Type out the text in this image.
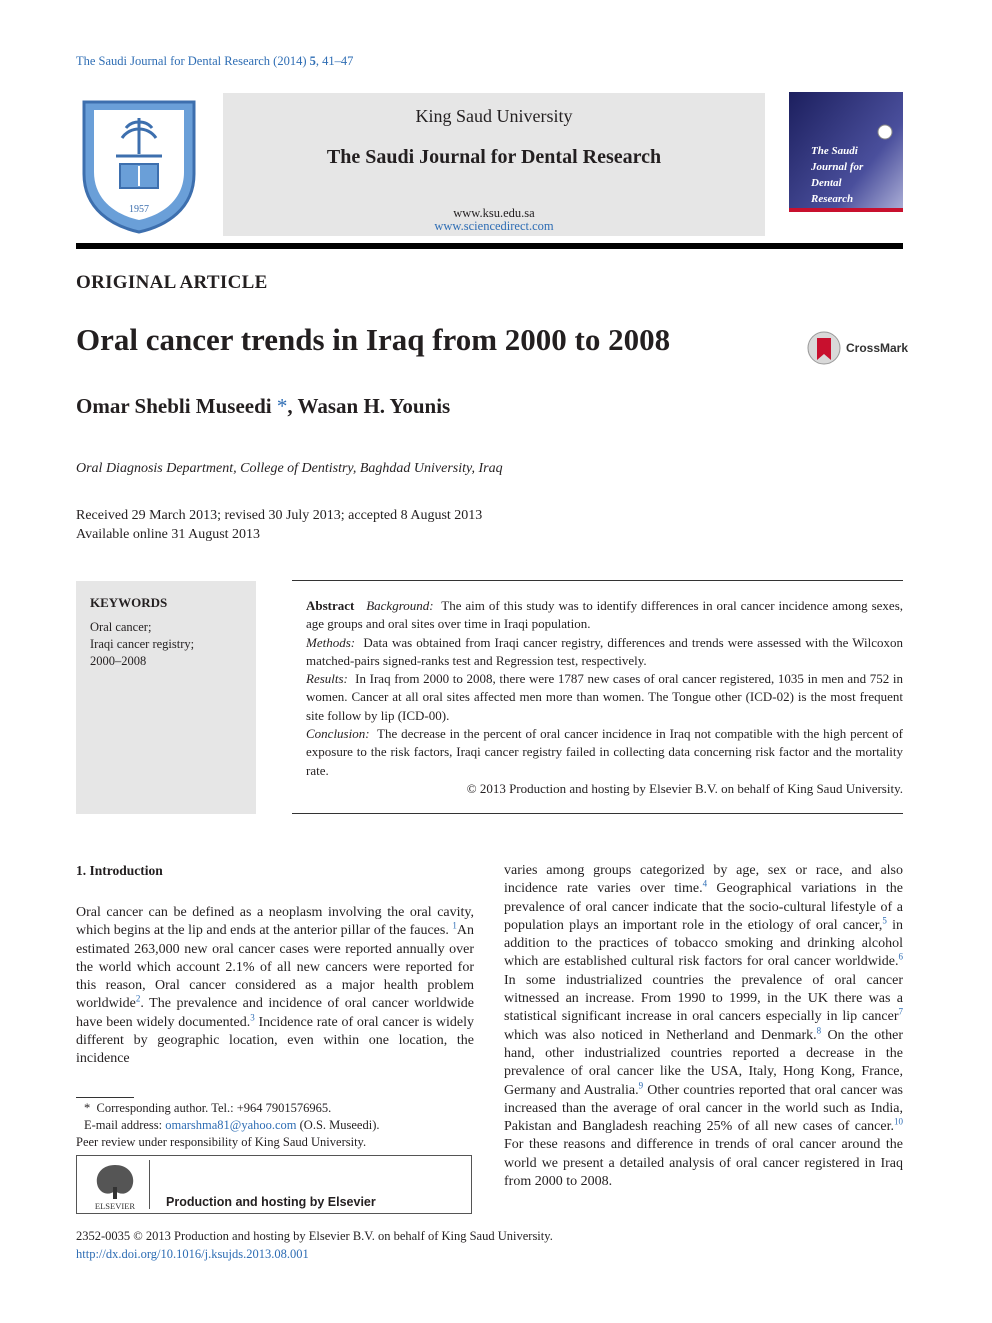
The Saudi Journal for Dental Research (2014) 5, 41–47
1957
King Saud University
The Saudi Journal for Dental Research
www.ksu.edu.sa
www.sciencedirect.com
The Saudi
Journal for
Dental
Research
ORIGINAL ARTICLE
Oral cancer trends in Iraq from 2000 to 2008	CrossMark
Omar Shebli Museedi *, Wasan H. Younis
Oral Diagnosis Department, College of Dentistry, Baghdad University, Iraq
Received 29 March 2013; revised 30 July 2013; accepted 8 August 2013
Available online 31 August 2013
KEYWORDS
Oral cancer;
Iraqi cancer registry;
2000–2008

Abstract Background: The aim of this study was to identify differences in oral cancer incidence among sexes, age groups and oral sites over time in Iraqi population.

Methods: Data was obtained from Iraqi cancer registry, differences and trends were assessed with the Wilcoxon matched-pairs signed-ranks test and Regression test, respectively.

Results: In Iraq from 2000 to 2008, there were 1787 new cases of oral cancer registered, 1035 in men and 752 in women. Cancer at all oral sites affected men more than women. The Tongue other (ICD-02) is the most frequent site follow by lip (ICD-00).

Conclusion: The decrease in the percent of oral cancer incidence in Iraq not compatible with the high percent of exposure to the risk factors, Iraqi cancer registry failed in collecting data concerning risk factor and the mortality rate.

© 2013 Production and hosting by Elsevier B.V. on behalf of King Saud University.

1. Introduction
Oral cancer can be defined as a neoplasm involving the oral cavity, which begins at the lip and ends at the anterior pillar of the fauces. $^1$An estimated 263,000 new oral cancer cases were reported annually over the world which account 2.1% of all new cancers were reported for this reason, Oral cancer considered as a major health problem worldwide$^2$. The prevalence and incidence of oral cancer worldwide have been widely documented.$^3$ Incidence rate of oral cancer is widely different by geographic location, even within one location, the incidence
varies among groups categorized by age, sex or race, and also incidence rate varies over time.$^4$ Geographical variations in the prevalence of oral cancer indicate that the socio-cultural lifestyle of a population plays an important role in the etiology of oral cancer,$^5$ in addition to the practices of tobacco smoking and drinking alcohol which are established cultural risk factors for oral cancer worldwide.$^6$ In some industrialized countries the prevalence of oral cancer witnessed an increase. From 1990 to 1999, in the UK there was a statistical significant increase in oral cancers especially in lip cancer$^7$ which was also noticed in Netherland and Denmark.$^8$ On the other hand, other industrialized countries reported a decrease in the prevalence of oral cancer like the USA, Italy, Hong Kong, France, Germany and Australia.$^9$ Other countries reported that oral cancer was increased than the average of oral cancer in the world such as India, Pakistan and Bangladesh reaching 25% of all new cases of cancer.$^{10}$ For these reasons and difference in trends of oral cancer around the world we present a detailed analysis of oral cancer registered in Iraq from 2000 to 2008.
* Corresponding author. Tel.: +964 7901576965.
E-mail address: omarshma81@yahoo.com (O.S. Museedi).
Peer review under responsibility of King Saud University.
ELSEVIER Production and hosting by Elsevier
2352-0035 © 2013 Production and hosting by Elsevier B.V. on behalf of King Saud University.
http://dx.doi.org/10.1016/j.ksujds.2013.08.001
